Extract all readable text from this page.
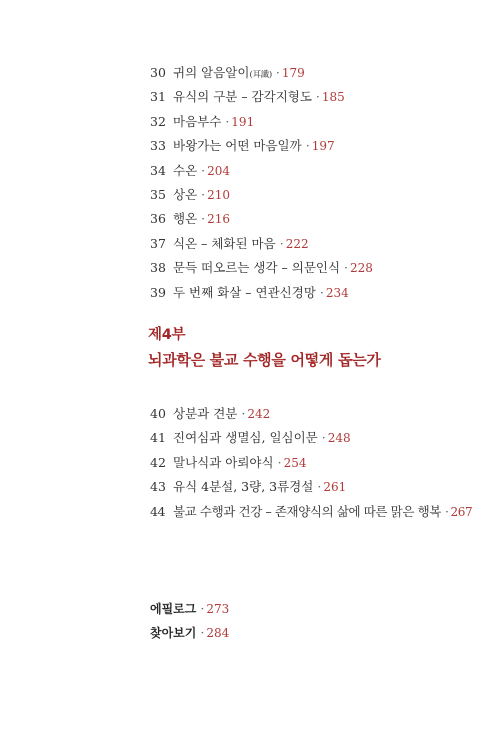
30 귀의 알음알이(耳識) · 179
31 유식의 구분 – 감각지형도 · 185
32 마음부수 · 191
33 바왕가는 어떤 마음일까 · 197
34 수온 · 204
35 상온 · 210
36 행온 · 216
37 식온 – 체화된 마음 · 222
38 문득 떠오르는 생각 – 의문인식 · 228
39 두 번째 화살 – 연관신경망 · 234
제4부
뇌과학은 불교 수행을 어떻게 돕는가
40 상분과 견분 · 242
41 진여심과 생멸심, 일심이문 · 248
42 말나식과 아뢰야식 · 254
43 유식 4분설, 3량, 3류경설 · 261
44 불교 수행과 건강 – 존재양식의 삶에 따른 맑은 행복 · 267
에필로그 · 273
찾아보기 · 284
